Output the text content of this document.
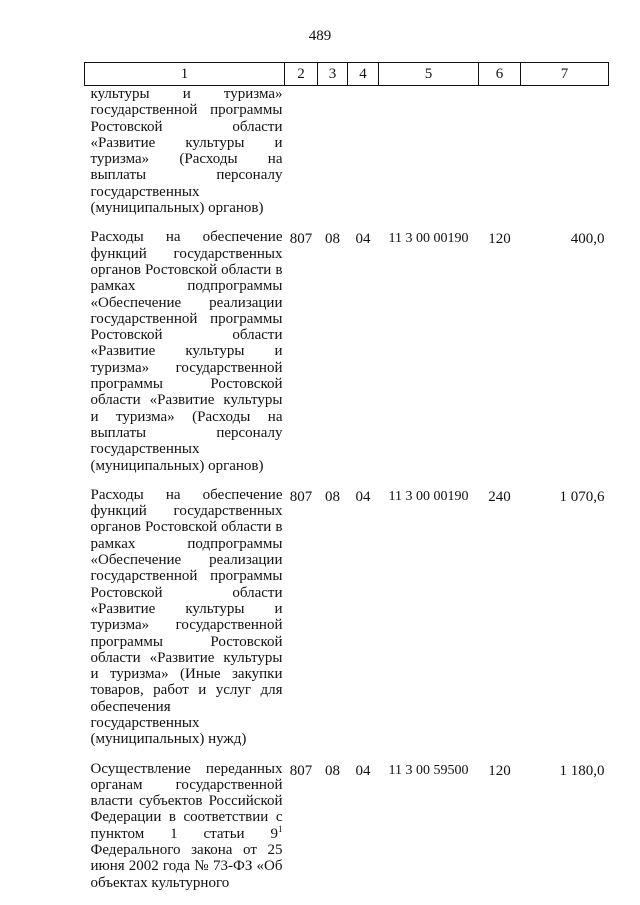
489
1	2	3	4	5	6	7
культуры и туризма» государственной программы Ростовской области «Развитие культуры и туризма» (Расходы на выплаты персоналу государственных (муниципальных) органов)						
Расходы на обеспечение функций государственных органов Ростовской области в рамках подпрограммы «Обеспечение реализации государственной программы Ростовской области «Развитие культуры и туризма» государственной программы Ростовской области «Развитие культуры и туризма» (Расходы на выплаты персоналу государственных (муниципальных) органов)	807	08	04	11 3 00 00190	120	400,0
Расходы на обеспечение функций государственных органов Ростовской области в рамках подпрограммы «Обеспечение реализации государственной программы Ростовской области «Развитие культуры и туризма» государственной программы Ростовской области «Развитие культуры и туризма» (Иные закупки товаров, работ и услуг для обеспечения государственных (муниципальных) нужд)	807	08	04	11 3 00 00190	240	1 070,6
Осуществление переданных органам государственной власти субъектов Российской Федерации в соответствии с пунктом 1 статьи $9^1$ Федерального закона от 25 июня 2002 года № 73-ФЗ «Об объектах культурного	807	08	04	11 3 00 59500	120	1 180,0
